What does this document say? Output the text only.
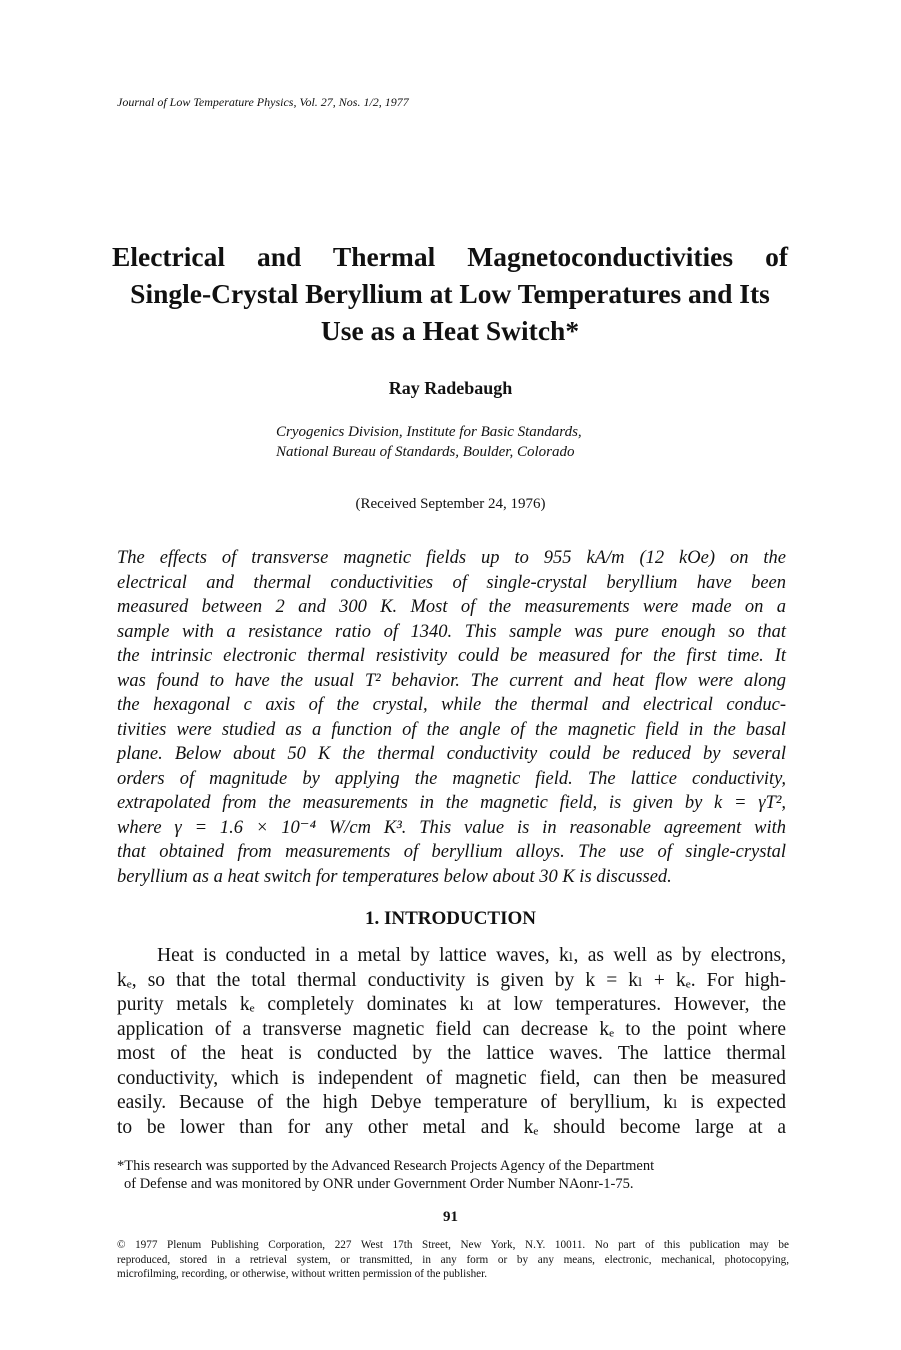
Journal of Low Temperature Physics, Vol. 27, Nos. 1/2, 1977
Electrical and Thermal Magnetoconductivities of
Single-Crystal Beryllium at Low Temperatures and Its
Use as a Heat Switch*
Ray Radebaugh
Cryogenics Division, Institute for Basic Standards,
National Bureau of Standards, Boulder, Colorado
(Received September 24, 1976)
The effects of transverse magnetic fields up to 955 kA/m (12 kOe) on the
electrical and thermal conductivities of single-crystal beryllium have been
measured between 2 and 300 K. Most of the measurements were made on a
sample with a resistance ratio of 1340. This sample was pure enough so that
the intrinsic electronic thermal resistivity could be measured for the first time. It
was found to have the usual T² behavior. The current and heat flow were along
the hexagonal c axis of the crystal, while the thermal and electrical conduc-
tivities were studied as a function of the angle of the magnetic field in the basal
plane. Below about 50 K the thermal conductivity could be reduced by several
orders of magnitude by applying the magnetic field. The lattice conductivity,
extrapolated from the measurements in the magnetic field, is given by k = γT²,
where γ = 1.6 × 10⁻⁴ W/cm K³. This value is in reasonable agreement with
that obtained from measurements of beryllium alloys. The use of single-crystal
beryllium as a heat switch for temperatures below about 30 K is discussed.
1. INTRODUCTION
Heat is conducted in a metal by lattice waves, kₗ, as well as by electrons,
kₑ, so that the total thermal conductivity is given by k = kₗ + kₑ. For high-
purity metals kₑ completely dominates kₗ at low temperatures. However, the
application of a transverse magnetic field can decrease kₑ to the point where
most of the heat is conducted by the lattice waves. The lattice thermal
conductivity, which is independent of magnetic field, can then be measured
easily. Because of the high Debye temperature of beryllium, kₗ is expected
to be lower than for any other metal and kₑ should become large at a
*This research was supported by the Advanced Research Projects Agency of the Department
of Defense and was monitored by ONR under Government Order Number NAonr-1-75.
91
© 1977 Plenum Publishing Corporation, 227 West 17th Street, New York, N.Y. 10011. No part of this publication may be
reproduced, stored in a retrieval system, or transmitted, in any form or by any means, electronic, mechanical, photocopying,
microfilming, recording, or otherwise, without written permission of the publisher.
